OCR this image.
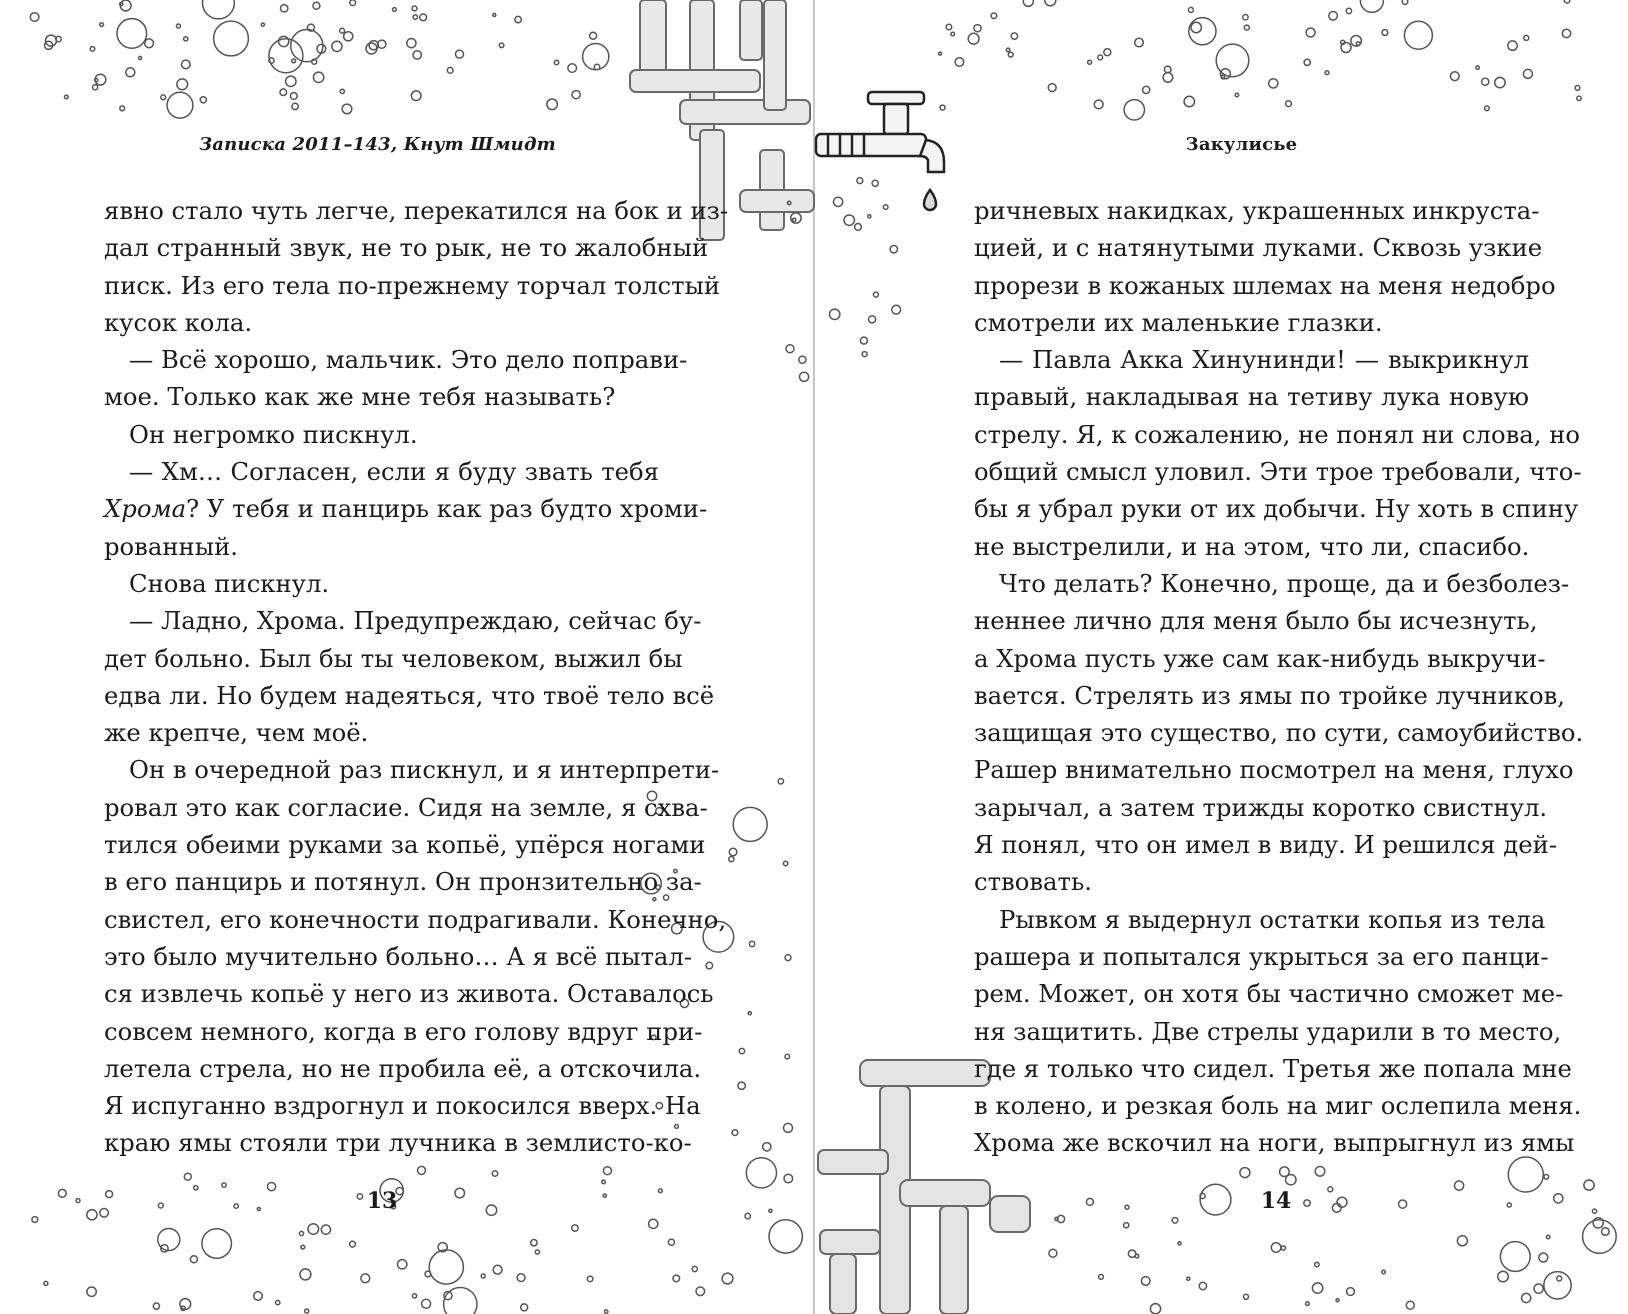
Записка 2011–143, Кнут Шмидт
явно стало чуть легче, перекатился на бок и из-
дал странный звук, не то рык, не то жалобный
писк. Из его тела по-прежнему торчал толстый
кусок кола.
— Всё хорошо, мальчик. Это дело поправи-
мое. Только как же мне тебя называть?
Он негромко пискнул.
— Хм… Согласен, если я буду звать тебя
Хрома? У тебя и панцирь как раз будто хроми-
рованный.
Снова пискнул.
— Ладно, Хрома. Предупреждаю, сейчас бу-
дет больно. Был бы ты человеком, выжил бы
едва ли. Но будем надеяться, что твоё тело всё
же крепче, чем моё.
Он в очередной раз пискнул, и я интерпрети-
ровал это как согласие. Сидя на земле, я схва-
тился обеими руками за копьё, упёрся ногами
в его панцирь и потянул. Он пронзительно за-
свистел, его конечности подрагивали. Конечно,
это было мучительно больно… А я всё пытал-
ся извлечь копьё у него из живота. Оставалось
совсем немного, когда в его голову вдруг при-
летела стрела, но не пробила её, а отскочила.
Я испуганно вздрогнул и покосился вверх. На
краю ямы стояли три лучника в землисто-ко-
13
Закулисье
ричневых накидках, украшенных инкруста-
цией, и с натянутыми луками. Сквозь узкие
прорези в кожаных шлемах на меня недобро
смотрели их маленькие глазки.
— Павла Акка Хинунинди! — выкрикнул
правый, накладывая на тетиву лука новую
стрелу. Я, к сожалению, не понял ни слова, но
общий смысл уловил. Эти трое требовали, что-
бы я убрал руки от их добычи. Ну хоть в спину
не выстрелили, и на этом, что ли, спасибо.
Что делать? Конечно, проще, да и безболез-
неннее лично для меня было бы исчезнуть,
а Хрома пусть уже сам как-нибудь выкручи-
вается. Стрелять из ямы по тройке лучников,
защищая это существо, по сути, самоубийство.
Рашер внимательно посмотрел на меня, глухо
зарычал, а затем трижды коротко свистнул.
Я понял, что он имел в виду. И решился дей-
ствовать.
Рывком я выдернул остатки копья из тела
рашера и попытался укрыться за его панци-
рем. Может, он хотя бы частично сможет ме-
ня защитить. Две стрелы ударили в то место,
где я только что сидел. Третья же попала мне
в колено, и резкая боль на миг ослепила меня.
Хрома же вскочил на ноги, выпрыгнул из ямы
14
